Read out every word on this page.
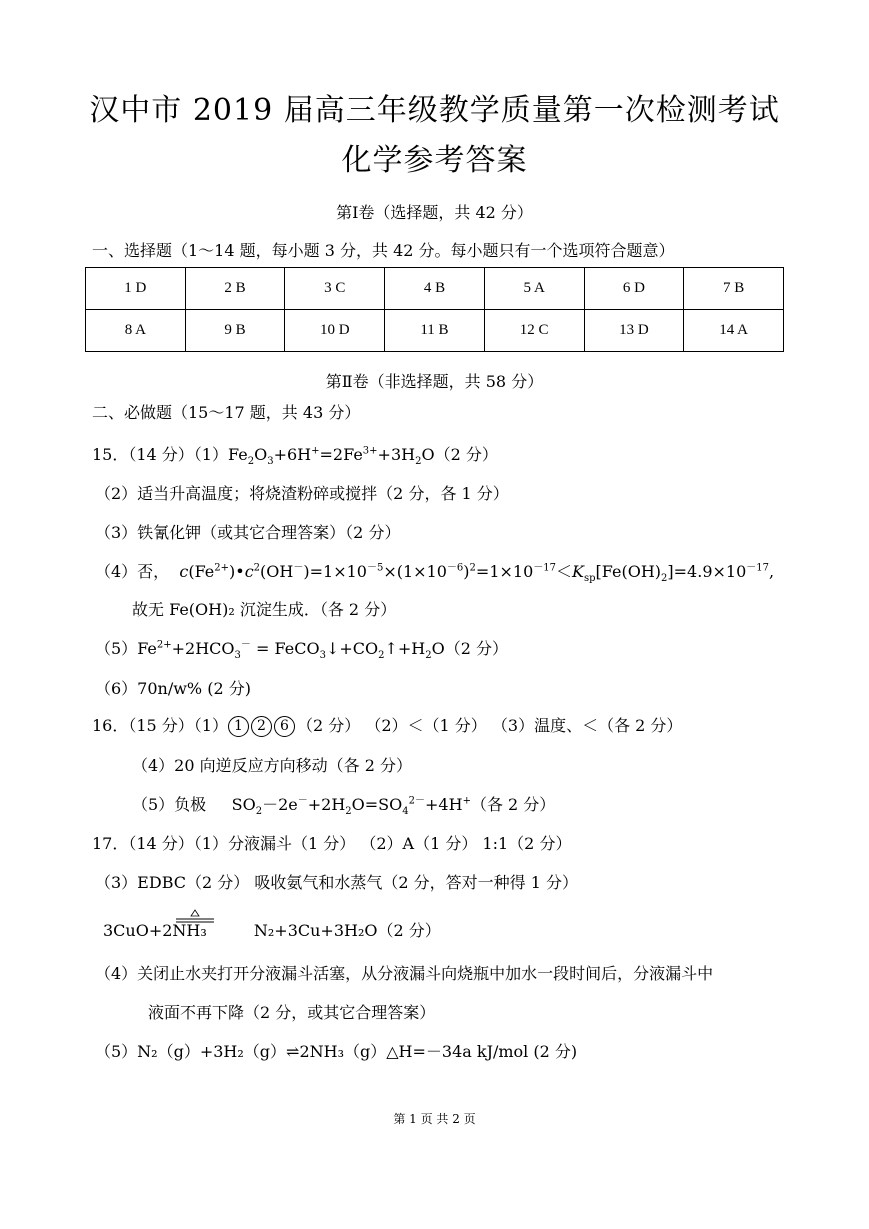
汉中市 2019 届高三年级教学质量第一次检测考试
化学参考答案
第Ⅰ卷（选择题，共 42 分）
一、选择题（1～14 题，每小题 3 分，共 42 分。每小题只有一个选项符合题意）
1 D	2 B	3 C	4 B	5 A	6 D	7 B
8 A	9 B	10 D	11 B	12 C	13 D	14 A
第Ⅱ卷（非选择题，共 58 分）
二、必做题（15～17 题，共 43 分）
15．（14 分）$(1)Fe_2O_3+6H^+=2Fe^{3+}+3H_2O(2$ 分）
（2）适当升高温度；将烧渣粉碎或搅拌（2 分，各 1 分）
（3）铁氰化钾（或其它合理答案）（2 分）
（4）否， $c(Fe^{2+})•c^2(OH^-)=1\times 10^{-5}\times(1\times 10^{-6})^2=1\times 10^{-17}<K_{sp}[Fe(OH)_2]=4.9\times 10^{-17}$,
故无 Fe(OH)₂ 沉淀生成．（各 2 分）
$(5)Fe^{2+}+2HCO_3^-$ = $FeCO_3↓+CO_2↑+H_2O(2$ 分）
（6）70n/w% (2 分)
16．（15 分）（1） 1 2 6 （2 分） （2）＜（1 分） （3）温度、＜（各 2 分）
（4）20 向逆反应方向移动（各 2 分）
（5）负极     $SO_2-2e^-+2H_2O=SO_4^{2-}+4H^+$（各 2 分）
17．（14 分）（1）分液漏斗（1 分） （2）A（1 分） 1:1（2 分）
（3）EDBC（2 分） 吸收氨气和水蒸气（2 分，答对一种得 1 分）
3CuO+2NH₃	N₂+3Cu+3H₂O（2 分）
（4）关闭止水夹打开分液漏斗活塞，从分液漏斗向烧瓶中加水一段时间后，分液漏斗中
液面不再下降（2 分，或其它合理答案）
（5）N₂（g）+3H₂（g）⇌2NH₃（g）△H=－34a kJ/mol (2 分)
第 1 页 共 2 页
